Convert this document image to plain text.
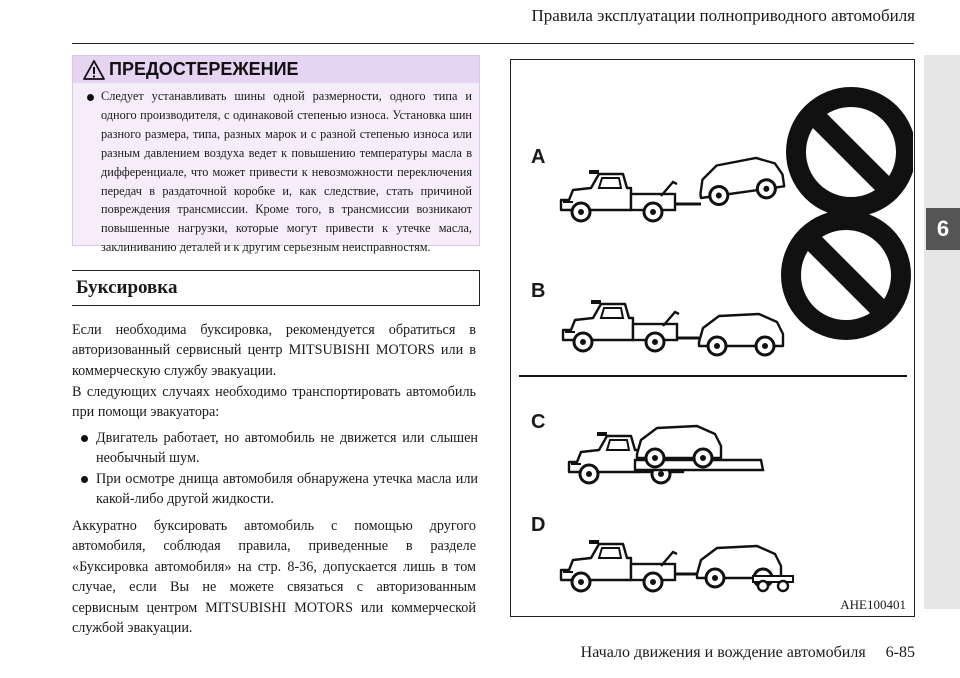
Правила эксплуатации полноприводного автомобиля
6
ПРЕДОСТЕРЕЖЕНИЕ

Следует устанавливать шины одной размерности, одного типа и одного производителя, с одинаковой степенью износа. Установка шин разного размера, типа, разных марок и с разной степенью износа или разным давлением воздуха ведет к повышению температуры масла в дифференциале, что может привести к невозможности переключения передач в раздаточной коробке и, как следствие, стать причиной повреждения трансмиссии. Кроме того, в трансмиссии возникают повышенные нагрузки, которые могут привести к утечке масла, заклиниванию деталей и к другим серьезным неисправностям.

Буксировка

Если необходима буксировка, рекомендуется обратиться в авторизованный сервисный центр MITSUBISHI MOTORS или в коммерческую службу эвакуации.

В следующих случаях необходимо транспортировать автомобиль при помощи эвакуатора:

Двигатель работает, но автомобиль не движется или слышен необычный шум.
При осмотре днища автомобиля обнаружена утечка масла или какой-либо другой жидкости.

Аккуратно буксировать автомобиль с помощью другого автомобиля, соблюдая правила, приведенные в разделе «Буксировка автомобиля» на стр. 8-36, допускается лишь в том случае, если Вы не можете связаться с авторизованным сервисным центром MITSUBISHI MOTORS или коммерческой службой эвакуации.

A
B
C
D
AHE100401
Начало движения и вождение автомобиля     6-85
